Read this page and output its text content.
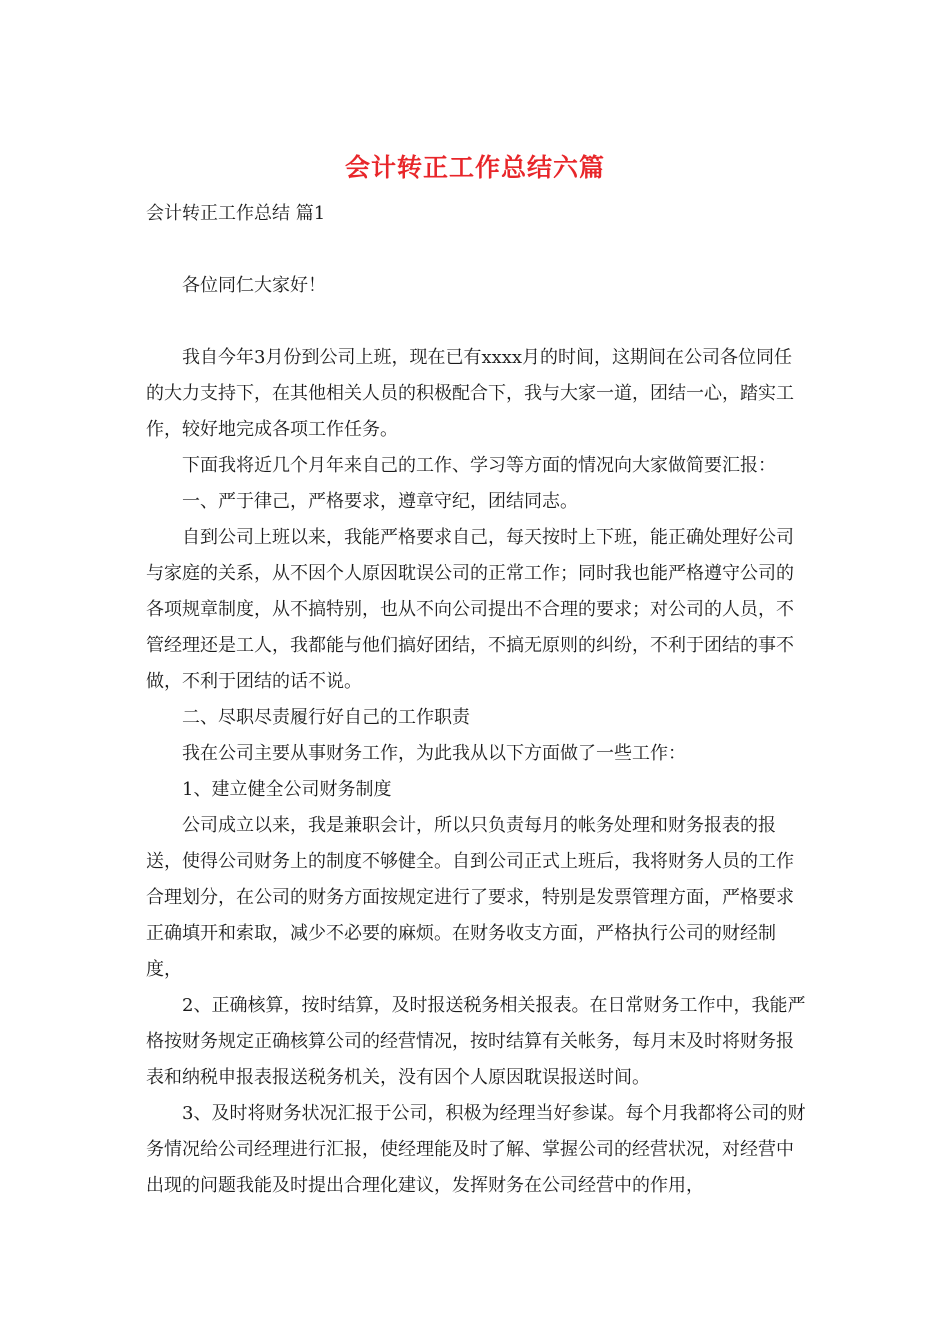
会计转正工作总结六篇
会计转正工作总结 篇1

各位同仁大家好！

我自今年3月份到公司上班，现在已有xxxx月的时间，这期间在公司各位同任的大力支持下，在其他相关人员的积极配合下，我与大家一道，团结一心，踏实工作，较好地完成各项工作任务。

下面我将近几个月年来自己的工作、学习等方面的情况向大家做简要汇报：

一、严于律己，严格要求，遵章守纪，团结同志。

自到公司上班以来，我能严格要求自己，每天按时上下班，能正确处理好公司与家庭的关系，从不因个人原因耽误公司的正常工作；同时我也能严格遵守公司的各项规章制度，从不搞特别，也从不向公司提出不合理的要求；对公司的人员，不管经理还是工人，我都能与他们搞好团结，不搞无原则的纠纷，不利于团结的事不做，不利于团结的话不说。

二、尽职尽责履行好自己的工作职责

我在公司主要从事财务工作，为此我从以下方面做了一些工作：

1、建立健全公司财务制度

公司成立以来，我是兼职会计，所以只负责每月的帐务处理和财务报表的报送，使得公司财务上的制度不够健全。自到公司正式上班后，我将财务人员的工作合理划分，在公司的财务方面按规定进行了要求，特别是发票管理方面，严格要求正确填开和索取，减少不必要的麻烦。在财务收支方面，严格执行公司的财经制度，

2、正确核算，按时结算，及时报送税务相关报表。在日常财务工作中，我能严格按财务规定正确核算公司的经营情况，按时结算有关帐务，每月末及时将财务报表和纳税申报表报送税务机关，没有因个人原因耽误报送时间。

3、及时将财务状况汇报于公司，积极为经理当好参谋。每个月我都将公司的财务情况给公司经理进行汇报，使经理能及时了解、掌握公司的经营状况，对经营中出现的问题我能及时提出合理化建议，发挥财务在公司经营中的作用，
